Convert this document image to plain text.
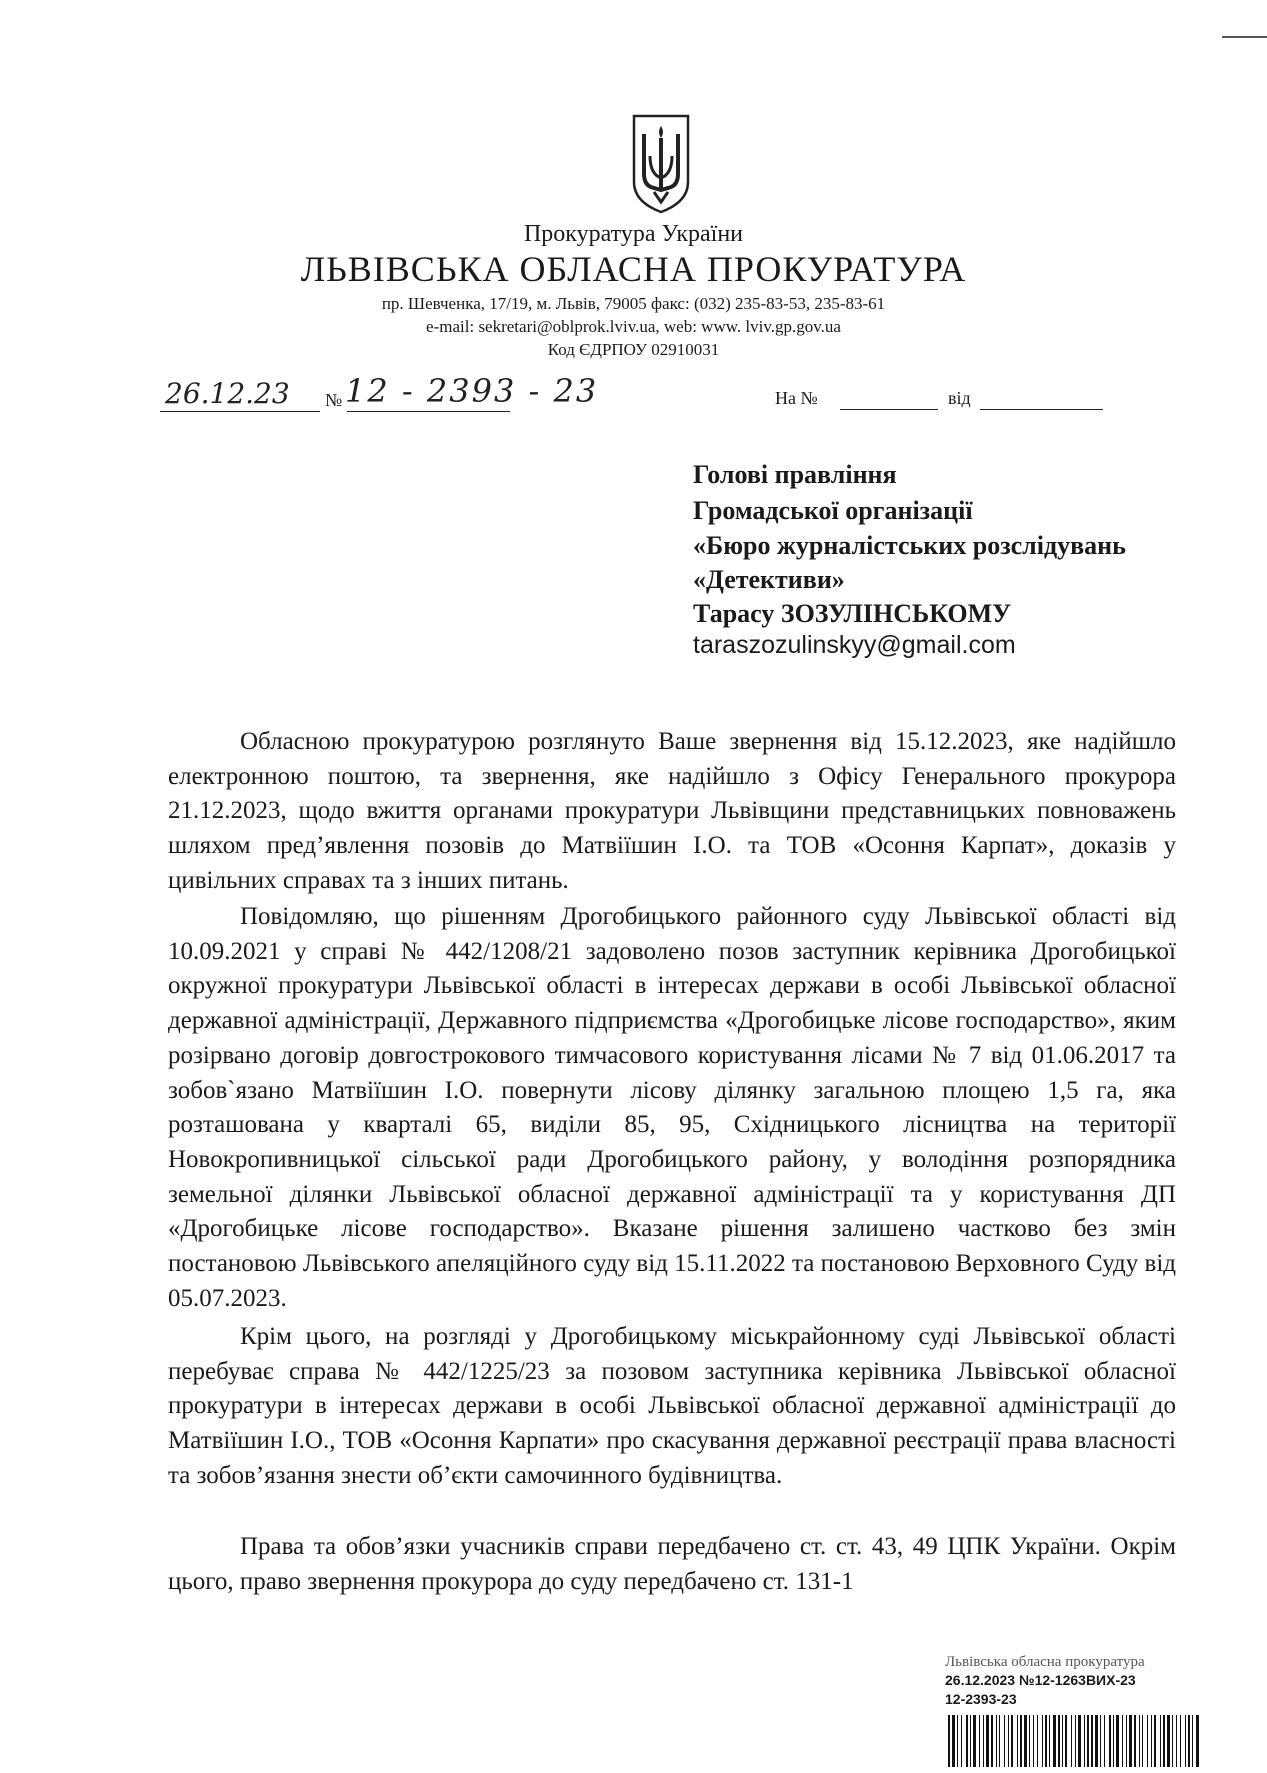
Прокуратура України
ЛЬВІВСЬКА ОБЛАСНА ПРОКУРАТУРА
пр. Шевченка, 17/19, м. Львів, 79005 факс: (032) 235-83-53, 235-83-61
e-mail: sekretari@oblprok.lviv.ua, web: www. lviv.gp.gov.ua
Код ЄДРПОУ 02910031
26.12.23 № 12 - 2393 - 23	На №	від
Голові правління
Громадської організації
«Бюро журналістських розслідувань
«Детективи»
Тарасу ЗОЗУЛІНСЬКОМУ
taraszozulinskyy@gmail.com

Обласною прокуратурою розглянуто Ваше звернення від 15.12.2023, яке надійшло електронною поштою, та звернення, яке надійшло з Офісу Генерального прокурора 21.12.2023, щодо вжиття органами прокуратури Львівщини представницьких повноважень шляхом пред’явлення позовів до Матвіїшин І.О. та ТОВ «Осоння Карпат», доказів у цивільних справах та з інших питань.

Повідомляю, що рішенням Дрогобицького районного суду Львівської області від 10.09.2021 у справі № 442/1208/21 задоволено позов заступник керівника Дрогобицької окружної прокуратури Львівської області в інтересах держави в особі Львівської обласної державної адміністрації, Державного підприємства «Дрогобицьке лісове господарство», яким розірвано договір довгострокового тимчасового користування лісами № 7 від 01.06.2017 та зобов`язано Матвіїшин І.О. повернути лісову ділянку загальною площею 1,5 га, яка розташована у кварталі 65, виділи 85, 95, Східницького лісництва на території Новокропивницької сільської ради Дрогобицького району, у володіння розпорядника земельної ділянки Львівської обласної державної адміністрації та у користування ДП «Дрогобицьке лісове господарство». Вказане рішення залишено частково без змін постановою Львівського апеляційного суду від 15.11.2022 та постановою Верховного Суду від 05.07.2023.

Крім цього, на розгляді у Дрогобицькому міськрайонному суді Львівської області перебуває справа № 442/1225/23 за позовом заступника керівника Львівської обласної прокуратури в інтересах держави в особі Львівської обласної державної адміністрації до Матвіїшин І.О., ТОВ «Осоння Карпати» про скасування державної реєстрації права власності та зобов’язання знести об’єкти самочинного будівництва.

Права та обов’язки учасників справи передбачено ст. ст. 43, 49 ЦПК України. Окрім цього, право звернення прокурора до суду передбачено ст. 131-1

Львівська обласна прокуратура
26.12.2023 №12-1263ВИХ-23
12-2393-23
